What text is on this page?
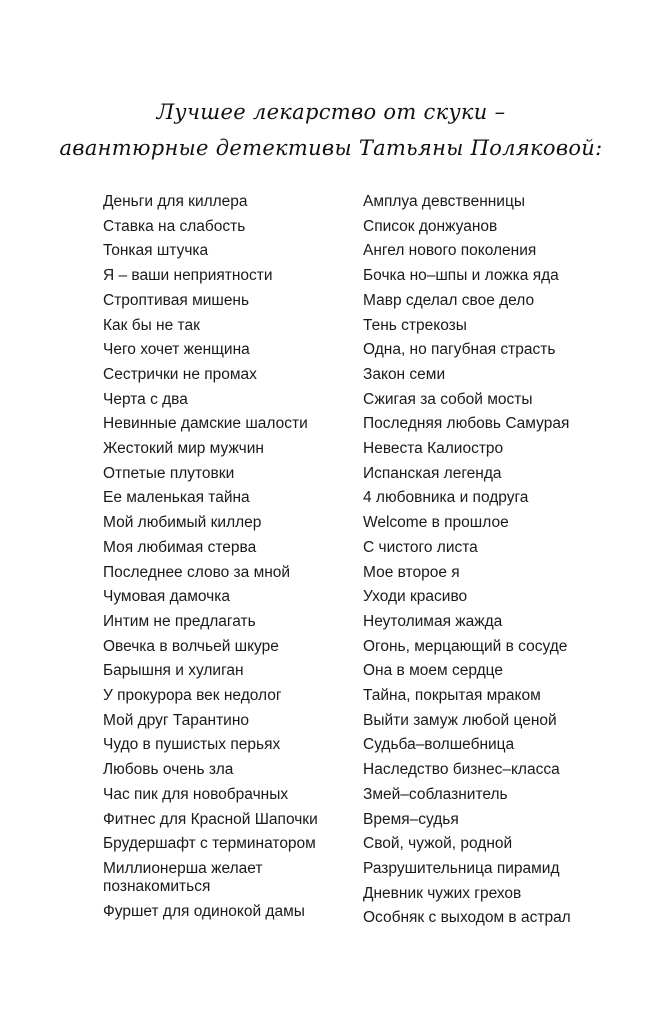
Лучшее лекарство от скуки –
авантюрные детективы Татьяны Поляковой:
Деньги для киллера
Ставка на слабость
Тонкая штучка
Я – ваши неприятности
Строптивая мишень
Как бы не так
Чего хочет женщина
Сестрички не промах
Черта с два
Невинные дамские шалости
Жестокий мир мужчин
Отпетые плутовки
Ее маленькая тайна
Мой любимый киллер
Моя любимая стерва
Последнее слово за мной
Чумовая дамочка
Интим не предлагать
Овечка в волчьей шкуре
Барышня и хулиган
У прокурора век недолог
Мой друг Тарантино
Чудо в пушистых перьях
Любовь очень зла
Час пик для новобрачных
Фитнес для Красной Шапочки
Брудершафт с терминатором
Миллионерша желает познакомиться
Фуршет для одинокой дамы
Амплуа девственницы
Список донжуанов
Ангел нового поколения
Бочка но–шпы и ложка яда
Мавр сделал свое дело
Тень стрекозы
Одна, но пагубная страсть
Закон семи
Сжигая за собой мосты
Последняя любовь Самурая
Невеста Калиостро
Испанская легенда
4 любовника и подруга
Welcome в прошлое
С чистого листа
Мое второе я
Уходи красиво
Неутолимая жажда
Огонь, мерцающий в сосуде
Она в моем сердце
Тайна, покрытая мраком
Выйти замуж любой ценой
Судьба–волшебница
Наследство бизнес–класса
Змей–соблазнитель
Время–судья
Свой, чужой, родной
Разрушительница пирамид
Дневник чужих грехов
Особняк с выходом в астрал
